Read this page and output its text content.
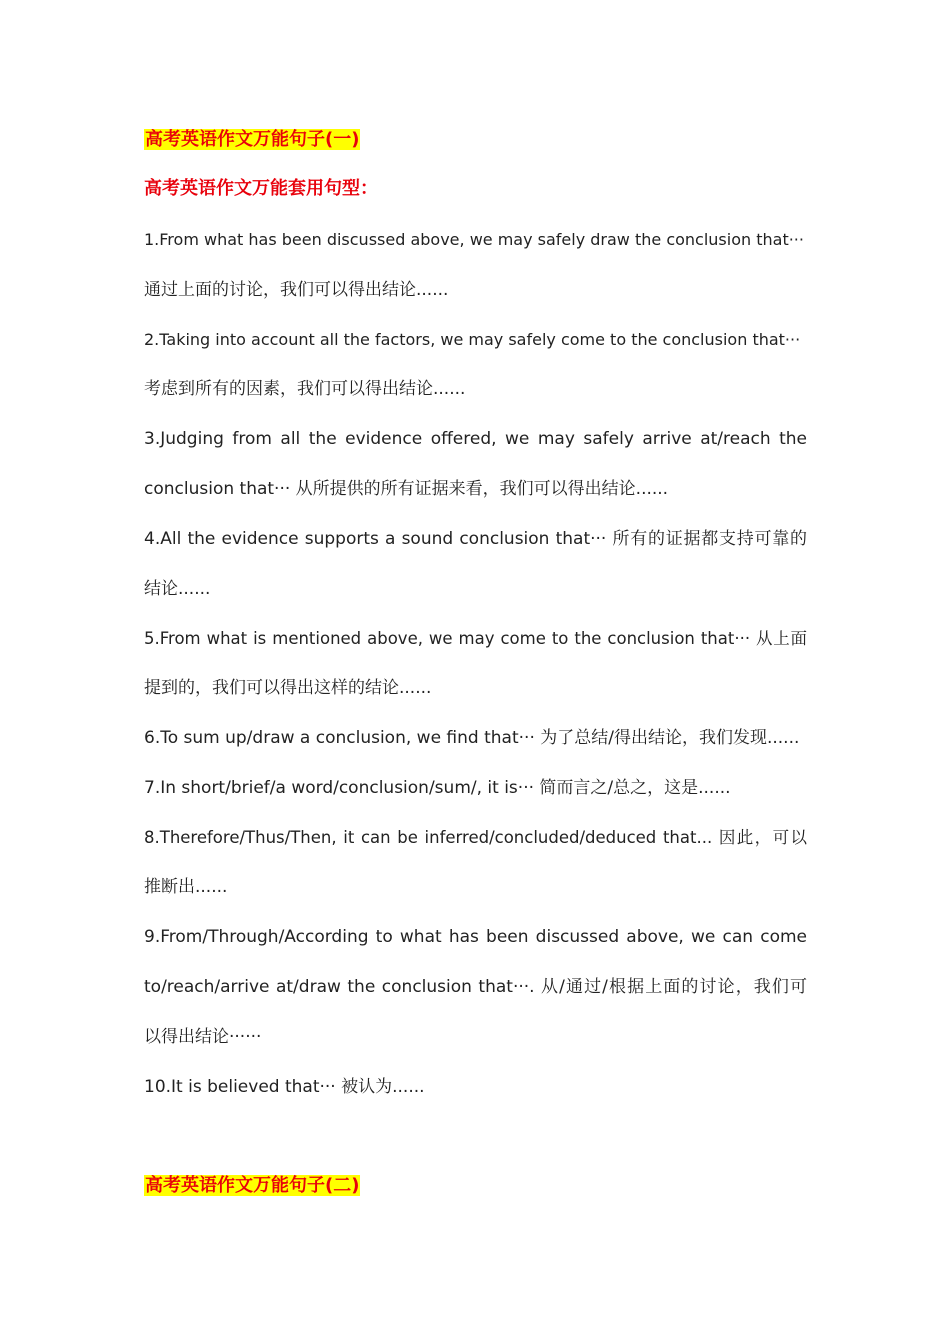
高考英语作文万能句子(一)
高考英语作文万能套用句型：
1.From what has been discussed above, we may safely draw the conclusion that···
通过上面的讨论，我们可以得出结论......
2.Taking into account all the factors, we may safely come to the conclusion that···
考虑到所有的因素，我们可以得出结论......
3.Judging from all the evidence offered, we may safely arrive at/reach the
conclusion that··· 从所提供的所有证据来看，我们可以得出结论......
4.All the evidence supports a sound conclusion that··· 所有的证据都支持可靠的
结论......
5.From what is mentioned above, we may come to the conclusion that··· 从上面
提到的，我们可以得出这样的结论......
6.To sum up/draw a conclusion, we find that··· 为了总结/得出结论，我们发现......
7.In short/brief/a word/conclusion/sum/, it is··· 简而言之/总之，这是......
8.Therefore/Thus/Then, it can be inferred/concluded/deduced that... 因此，可以
推断出......
9.From/Through/According to what has been discussed above, we can come
to/reach/arrive at/draw the conclusion that···. 从/通过/根据上面的讨论，我们可
以得出结论······
10.It is believed that··· 被认为......
高考英语作文万能句子(二)
